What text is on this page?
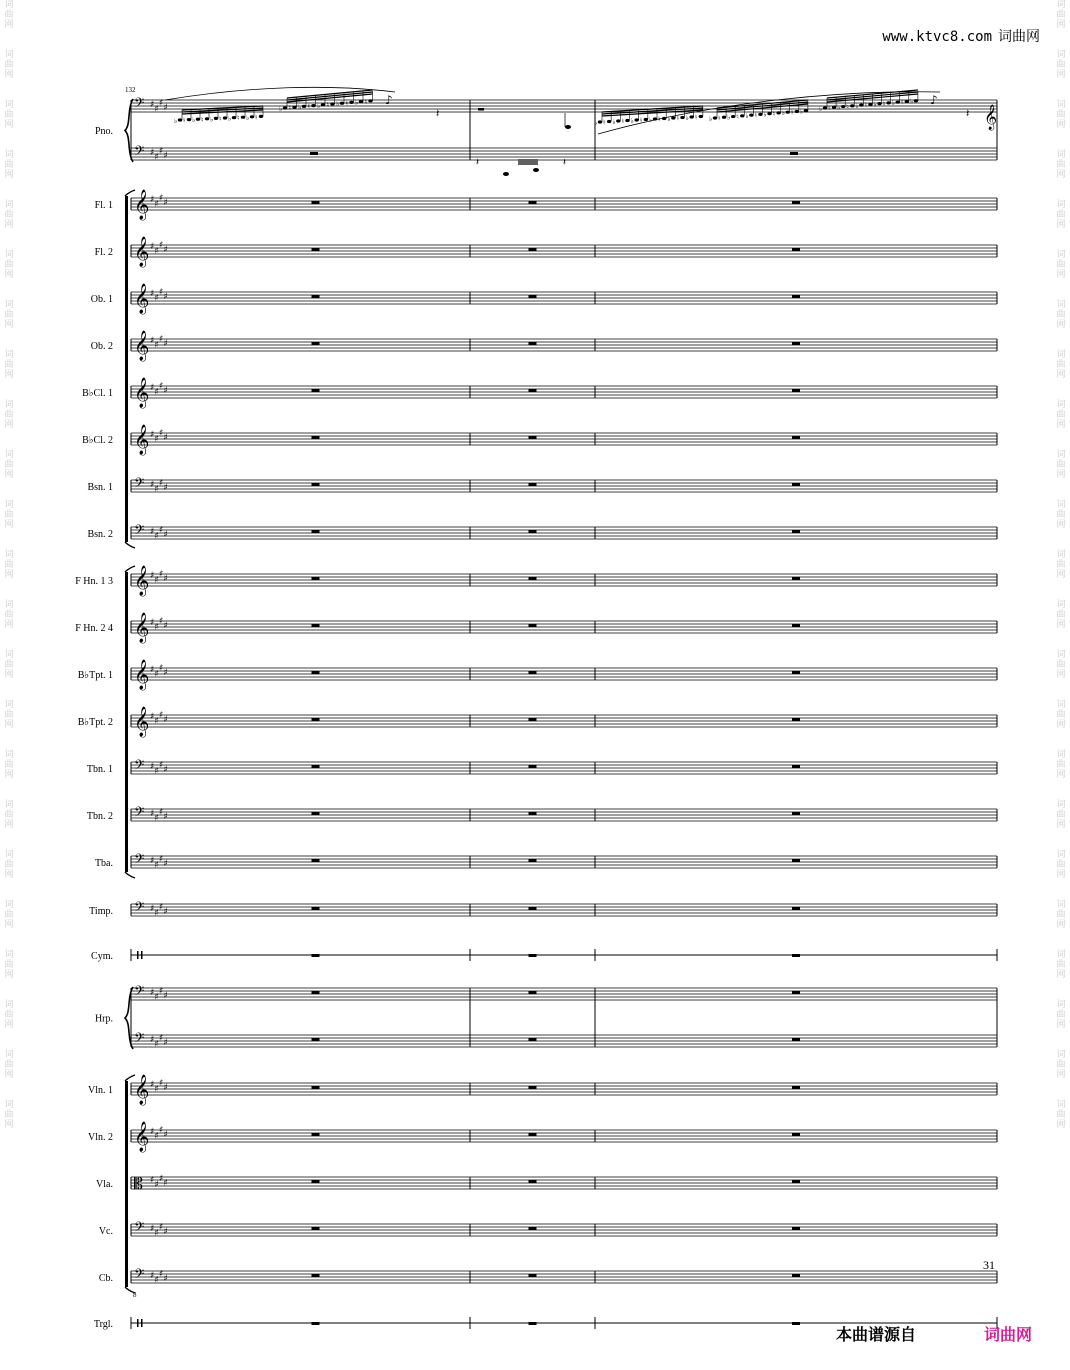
词
曲
网

词
曲
网

词
曲
网

词
曲
网

词
曲
网

词
曲
网

词
曲
网

词
曲
网

词
曲
网

词
曲
网

词
曲
网

词
曲
网

词
曲
网

词
曲
网

词
曲
网

词
曲
网

词
曲
网

词
曲
网

词
曲
网

词
曲
网

词
曲
网

词
曲
网

词
曲
网

词
曲
网

词
曲
网

词
曲
网

词
曲
网

词
曲
网

词
曲
网

词
曲
网

词
曲
网

词
曲
网

词
曲
网

词
曲
网

词
曲
网

词
曲
网

词
曲
网

词
曲
网

词
曲
网

词
曲
网

词
曲
网

词
曲
网

词
曲
网

词
曲
网

词
曲
网

词
曲
网

www.ktvc8.com 词曲网
𝄢 ♯ ♯
♯ ♯
𝄢 ♯ ♯
♯ ♯
Pno.
𝄞 ♯ ♯
♯ ♯
Fl. 1
𝄞 ♯ ♯
♯ ♯
Fl. 2
𝄞 ♯ ♯
♯ ♯
Ob. 1
𝄞 ♯ ♯
♯ ♯
Ob. 2
𝄞 ♯ ♯
♯ ♯
B♭Cl. 1
𝄞 ♯ ♯
♯ ♯
B♭Cl. 2
𝄢 ♯ ♯
♯ ♯
Bsn. 1
𝄢 ♯ ♯
♯ ♯
Bsn. 2
𝄞 ♯ ♯
♯ ♯
F Hn. 1 3
𝄞 ♯ ♯
♯ ♯
F Hn. 2 4
𝄞 ♯ ♯
♯ ♯
B♭Tpt. 1
𝄞 ♯ ♯
♯ ♯
B♭Tpt. 2
𝄢 ♯ ♯
♯ ♯
Tbn. 1
𝄢 ♯ ♯
♯ ♯
Tbn. 2
𝄢 ♯ ♯
♯ ♯
Tba.
𝄢 ♯ ♯
♯ ♯
Timp.
Cym.
𝄢 ♯ ♯
♯ ♯
𝄢 ♯ ♯
♯ ♯
Hrp.
𝄞 ♯ ♯
♯ ♯
Vln. 1
𝄞 ♯ ♯
♯ ♯
Vln. 2
𝄡 ♯ ♯
♯ ♯
Vla.
𝄢 ♯ ♯
♯ ♯
Vc.
𝄢 ♯ ♯
♯ ♯
Cb.
Trgl.
132
8
♭ ♮ ♭ ♮ ♭ ♮ ♭ ♮ ♭ ♮
♭ ♮ ♭ ♮ ♭ ♮ ♭ ♮ ♭ ♮
♭ ♮ ♭ ♮ ♭ ♮ ♭ ♮ ♭ ♮ ♭ ♮ ♭ ♮ ♭ ♮ ♭ ♮ ♭ ♮ ♭ ♮ ♭ ♭ ♮ ♭ ♮ ♭ ♮ ♭ ♮ ♭ ♮ ♭
♪	♪
𝄽	𝄽 𝄞
𝄽	𝄽
31
本曲谱源自	词曲网
